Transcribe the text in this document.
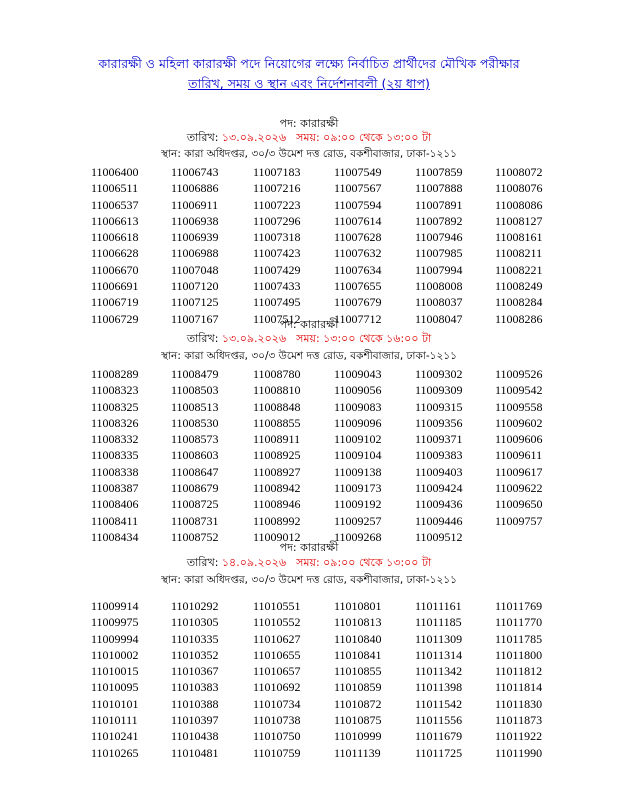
কারারক্ষী ও মহিলা কারারক্ষী পদে নিয়োগের লক্ষ্যে নির্বাচিত প্রার্থীদের মৌখিক পরীক্ষার
তারিখ, সময় ও স্থান এবং নির্দেশনাবলী (২য় ধাপ)
পদ: কারারক্ষী
তারিখ: ১৩.০৯.২০২৬ সময়: ০৯:০০ থেকে ১৩:০০ টা
স্থান: কারা অধিদপ্তর, ৩০/৩ উমেশ দত্ত রোড, বকশীবাজার, ঢাকা-১২১১
11006400
11006511
11006537
11006613
11006618
11006628
11006670
11006691
11006719
11006729
11006743
11006886
11006911
11006938
11006939
11006988
11007048
11007120
11007125
11007167
11007183
11007216
11007223
11007296
11007318
11007423
11007429
11007433
11007495
11007512
11007549
11007567
11007594
11007614
11007628
11007632
11007634
11007655
11007679
11007712
11007859
11007888
11007891
11007892
11007946
11007985
11007994
11008008
11008037
11008047
11008072
11008076
11008086
11008127
11008161
11008211
11008221
11008249
11008284
11008286
পদ: কারারক্ষী
তারিখ: ১৩.০৯.২০২৬ সময়: ১৩:০০ থেকে ১৬:০০ টা
স্থান: কারা অধিদপ্তর, ৩০/৩ উমেশ দত্ত রোড, বকশীবাজার, ঢাকা-১২১১
11008289
11008323
11008325
11008326
11008332
11008335
11008338
11008387
11008406
11008411
11008434
11008479
11008503
11008513
11008530
11008573
11008603
11008647
11008679
11008725
11008731
11008752
11008780
11008810
11008848
11008855
11008911
11008925
11008927
11008942
11008946
11008992
11009012
11009043
11009056
11009083
11009096
11009102
11009104
11009138
11009173
11009192
11009257
11009268
11009302
11009309
11009315
11009356
11009371
11009383
11009403
11009424
11009436
11009446
11009512
11009526
11009542
11009558
11009602
11009606
11009611
11009617
11009622
11009650
11009757
পদ: কারারক্ষী
তারিখ: ১৪.০৯.২০২৬ সময়: ০৯:০০ থেকে ১৩:০০ টা
স্থান: কারা অধিদপ্তর, ৩০/৩ উমেশ দত্ত রোড, বকশীবাজার, ঢাকা-১২১১
11009914
11009975
11009994
11010002
11010015
11010095
11010101
11010111
11010241
11010265
11010292
11010305
11010335
11010352
11010367
11010383
11010388
11010397
11010438
11010481
11010551
11010552
11010627
11010655
11010657
11010692
11010734
11010738
11010750
11010759
11010801
11010813
11010840
11010841
11010855
11010859
11010872
11010875
11010999
11011139
11011161
11011185
11011309
11011314
11011342
11011398
11011542
11011556
11011679
11011725
11011769
11011770
11011785
11011800
11011812
11011814
11011830
11011873
11011922
11011990
